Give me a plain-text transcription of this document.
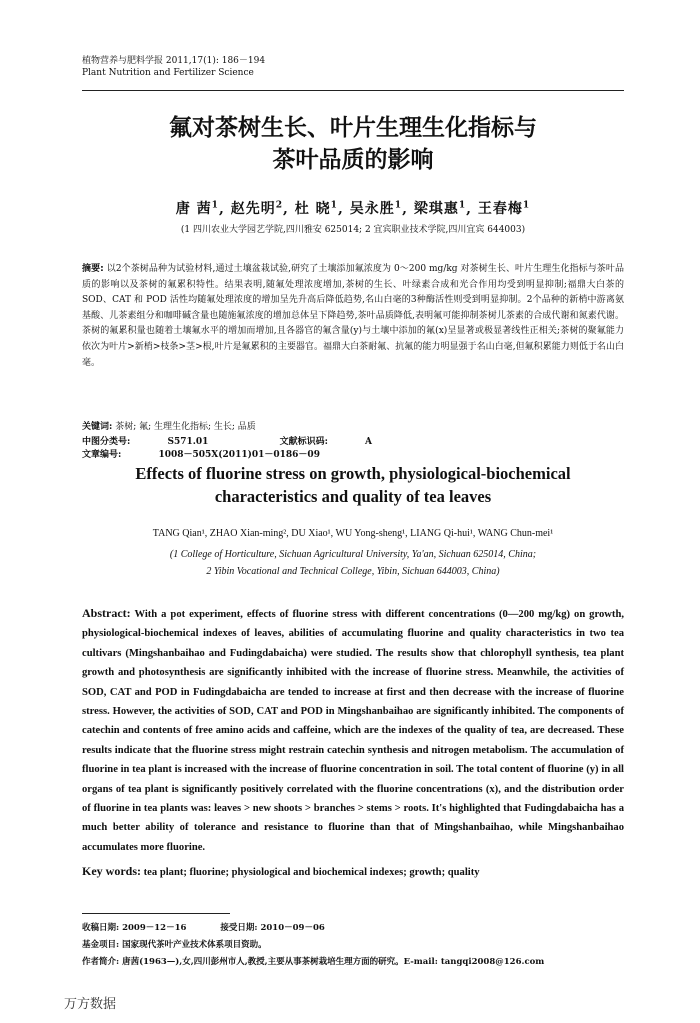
植物营养与肥料学报 2011,17(1): 186－194
Plant Nutrition and Fertilizer Science
氟对茶树生长、叶片生理生化指标与
茶叶品质的影响
唐 茜$^1$, 赵先明$^2$, 杜 晓$^1$, 吴永胜$^1$, 梁琪惠$^1$, 王春梅$^1$
(1 四川农业大学园艺学院,四川雅安 625014; 2 宜宾职业技术学院,四川宜宾 644003)
摘要: 以2个茶树品种为试验材料,通过土壤盆栽试验,研究了土壤添加氟浓度为 0～200 mg/kg 对茶树生长、叶片生理生化指标与茶叶品质的影响以及茶树的氟累积特性。结果表明,随氟处理浓度增加,茶树的生长、叶绿素合成和光合作用均受到明显抑制;福鼎大白茶的 SOD、CAT 和 POD 活性均随氟处理浓度的增加呈先升高后降低趋势,名山白毫的3种酶活性则受到明显抑制。2个品种的新梢中游离氨基酸、儿茶素组分和咖啡碱含量也随施氟浓度的增加总体呈下降趋势,茶叶品质降低,表明氟可能抑制茶树儿茶素的合成代谢和氮素代谢。茶树的氟累积量也随着土壤氟水平的增加而增加,且各器官的氟含量(y)与土壤中添加的氟(x)呈显著或极显著线性正相关;茶树的聚氟能力依次为叶片>新梢>枝条>茎>根,叶片是氟累积的主要器官。福鼎大白茶耐氟、抗氟的能力明显强于名山白毫,但氟积累能力则低于名山白毫。
关键词: 茶树; 氟; 生理生化指标; 生长; 品质
中图分类号:	S571.01	文献标识码:	A 文章编号:	1008－505X(2011)01－0186－09
Effects of fluorine stress on growth, physiological-biochemical
characteristics and quality of tea leaves
TANG Qian¹, ZHAO Xian-ming², DU Xiao¹, WU Yong-sheng¹, LIANG Qi-hui¹, WANG Chun-mei¹
(1 College of Horticulture, Sichuan Agricultural University, Ya'an, Sichuan 625014, China;
2 Yibin Vocational and Technical College, Yibin, Sichuan 644003, China)
Abstract: With a pot experiment, effects of fluorine stress with different concentrations (0—200 mg/kg) on growth, physiological-biochemical indexes of leaves, abilities of accumulating fluorine and quality characteristics in two tea cultivars (Mingshanbaihao and Fudingdabaicha) were studied. The results show that chlorophyll synthesis, tea plant growth and photosynthesis are significantly inhibited with the increase of fluorine stress. Meanwhile, the activities of SOD, CAT and POD in Fudingdabaicha are tended to increase at first and then decrease with the increase of fluorine stress. However, the activities of SOD, CAT and POD in Mingshanbaihao are significantly inhibited. The components of catechin and contents of free amino acids and caffeine, which are the indexes of the quality of tea, are decreased. These results indicate that the fluorine stress might restrain catechin synthesis and nitrogen metabolism. The accumulation of fluorine in tea plant is increased with the increase of fluorine concentration in soil. The total content of fluorine (y) in all organs of tea plant is significantly positively correlated with the fluorine concentrations (x), and the distribution order of fluorine in tea plants was: leaves > new shoots > branches > stems > roots. It's highlighted that Fudingdabaicha has a much better ability of tolerance and resistance to fluorine than that of Mingshanbaihao, while Mingshanbaihao accumulates more fluorine.
Key words: tea plant; fluorine; physiological and biochemical indexes; growth; quality
收稿日期: 2009－12－16	接受日期: 2010－09－06
基金项目: 国家现代茶叶产业技术体系项目资助。
作者简介: 唐茜(1963—),女,四川彭州市人,教授,主要从事茶树栽培生理方面的研究。E-mail: tangqi2008@126.com
万方数据
